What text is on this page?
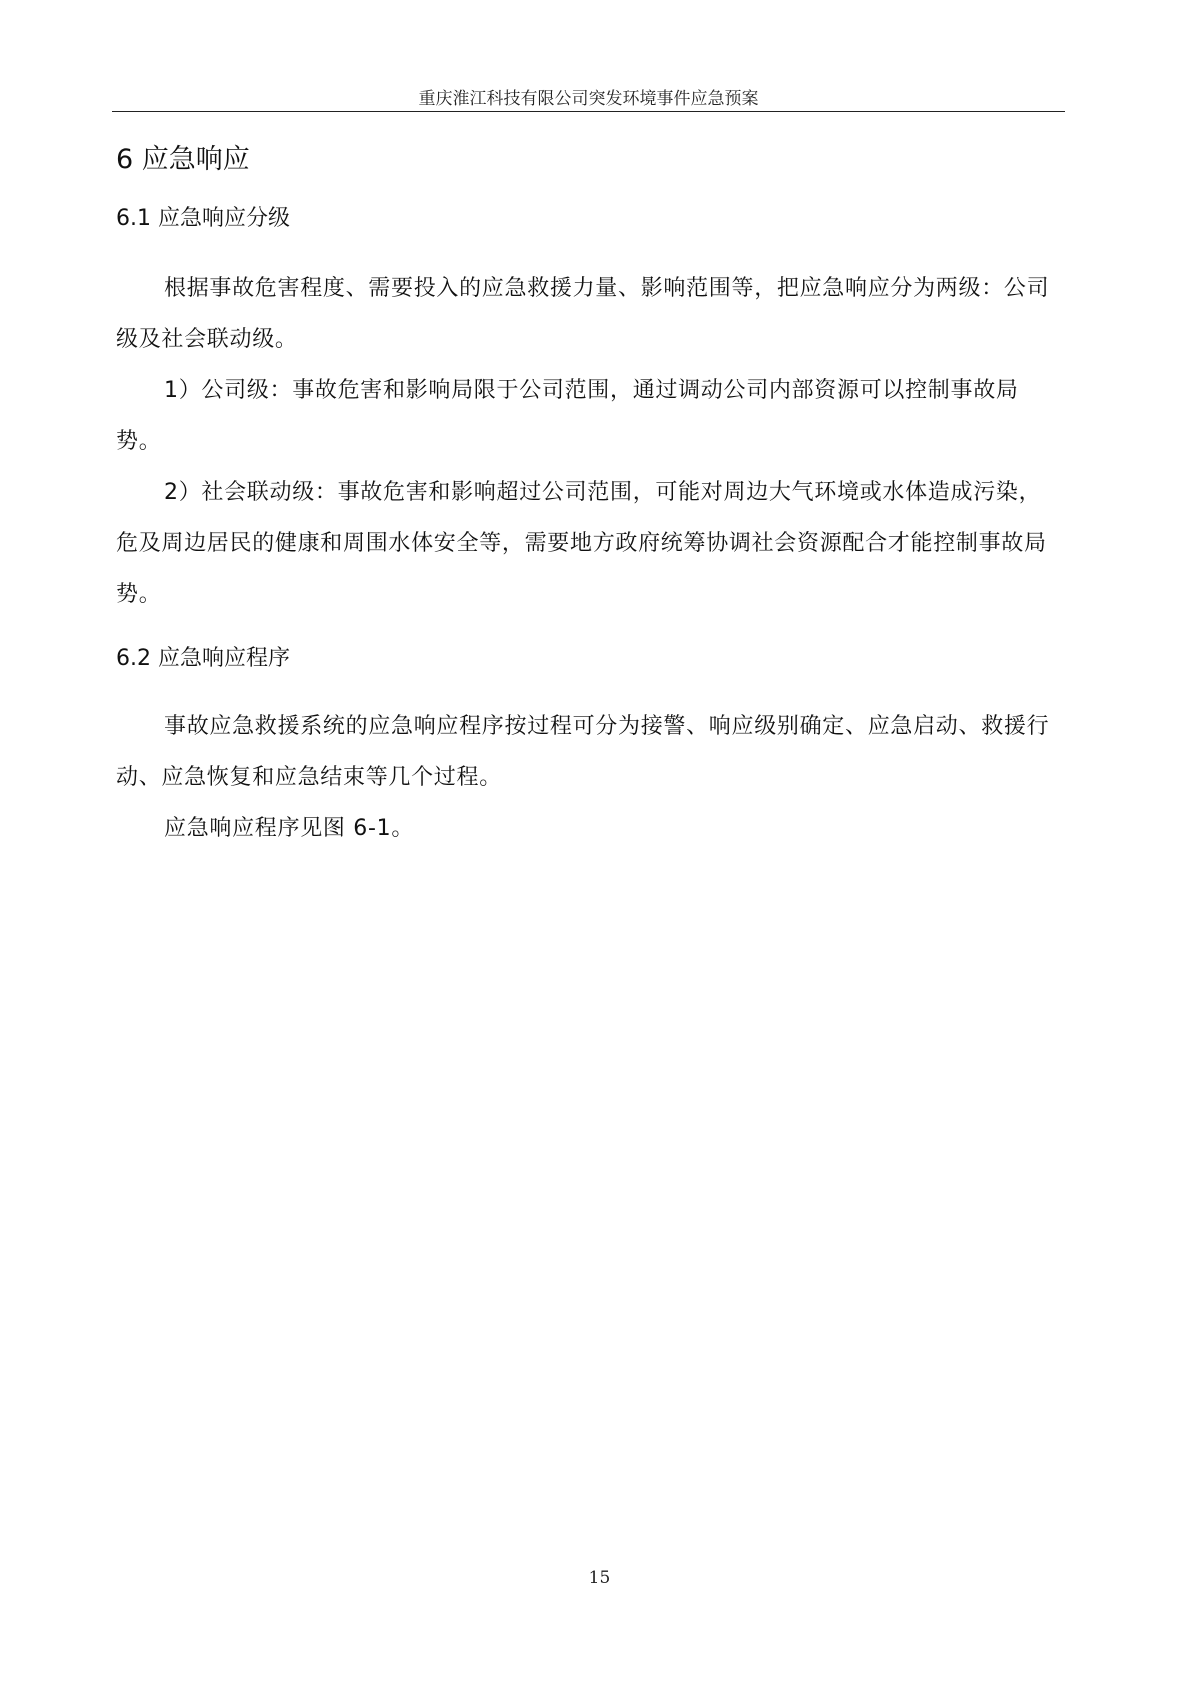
重庆淮江科技有限公司突发环境事件应急预案
6 应急响应
6.1 应急响应分级

根据事故危害程度、需要投入的应急救援力量、影响范围等，把应急响应分为两级：公司级及社会联动级。

1）公司级：事故危害和影响局限于公司范围，通过调动公司内部资源可以控制事故局势。

2）社会联动级：事故危害和影响超过公司范围，可能对周边大气环境或水体造成污染，危及周边居民的健康和周围水体安全等，需要地方政府统筹协调社会资源配合才能控制事故局势。

6.2 应急响应程序

事故应急救援系统的应急响应程序按过程可分为接警、响应级别确定、应急启动、救援行动、应急恢复和应急结束等几个过程。

应急响应程序见图 6-1。

15
